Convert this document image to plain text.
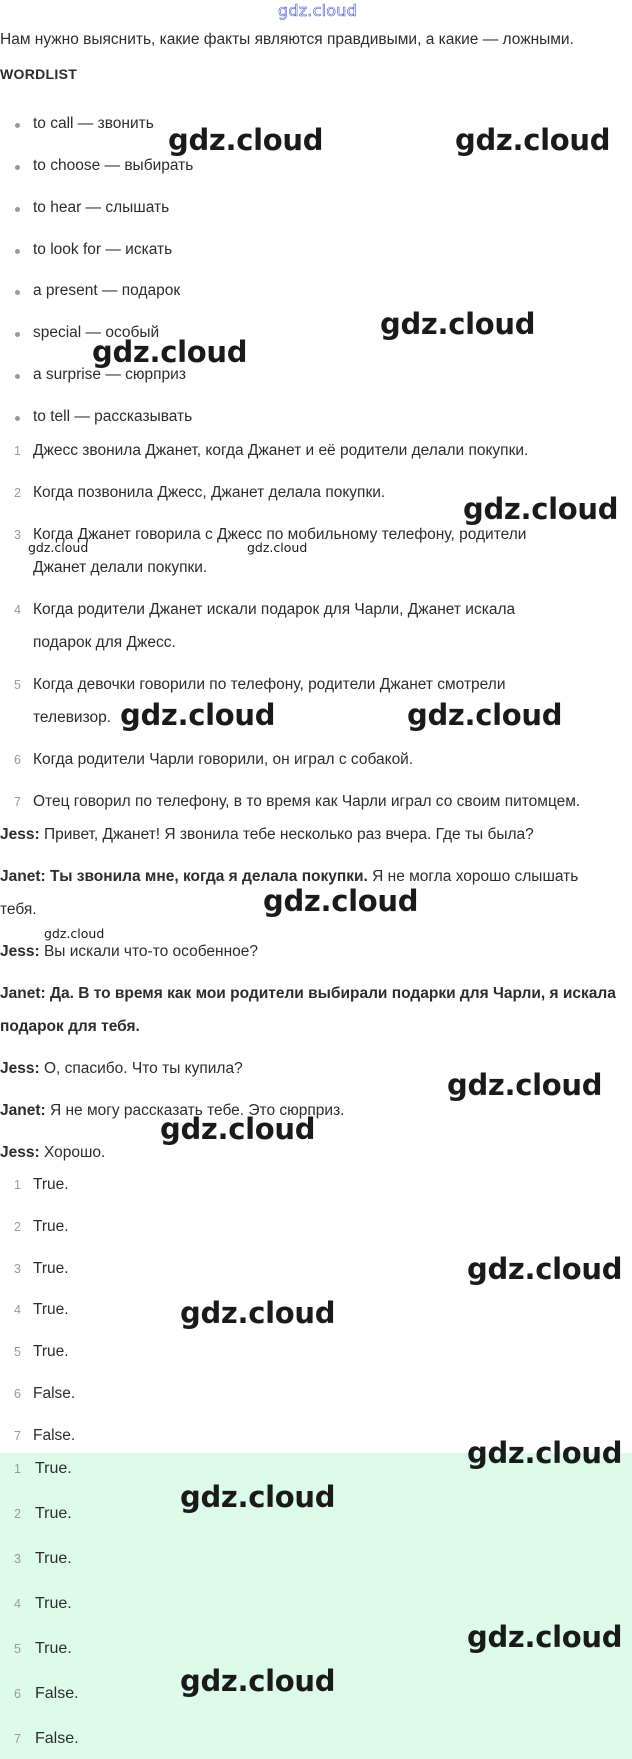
gdz.cloud
Нам нужно выяснить, какие факты являются правдивыми, а какие — ложными.
WORDLIST
to call — звонить
to choose — выбирать
to hear — слышать
to look for — искать
a present — подарок
special — особый
a surprise — сюрприз
to tell — рассказывать
1 Джесс звонила Джанет, когда Джанет и её родители делали покупки.
2 Когда позвонила Джесс, Джанет делала покупки.
3 Когда Джанет говорила с Джесс по мобильному телефону, родители
Джанет делали покупки.
4 Когда родители Джанет искали подарок для Чарли, Джанет искала
подарок для Джесс.
5 Когда девочки говорили по телефону, родители Джанет смотрели
телевизор.
6 Когда родители Чарли говорили, он играл с собакой.
7 Отец говорил по телефону, в то время как Чарли играл со своим питомцем.
Jess: Привет, Джанет! Я звонила тебе несколько раз вчера. Где ты была?
Janet: Ты звонила мне, когда я делала покупки. Я не могла хорошо слышать
тебя.
Jess: Вы искали что-то особенное?
Janet: Да. В то время как мои родители выбирали подарки для Чарли, я искала
подарок для тебя.
Jess: О, спасибо. Что ты купила?
Janet: Я не могу рассказать тебе. Это сюрприз.
Jess: Хорошо.
1 True.
2 True.
3 True.
4 True.
5 True.
6 False.
7 False.
1 True.
2 True.
3 True.
4 True.
5 True.
6 False.
7 False.
gdz.cloud	gdz.cloud
gdz.cloud
gdz.cloud
gdz.cloud
gdz.cloud	gdz.cloud
gdz.cloud	gdz.cloud
gdz.cloud
gdz.cloud
gdz.cloud
gdz.cloud
gdz.cloud
gdz.cloud
gdz.cloud
gdz.cloud
gdz.cloud
gdz.cloud
